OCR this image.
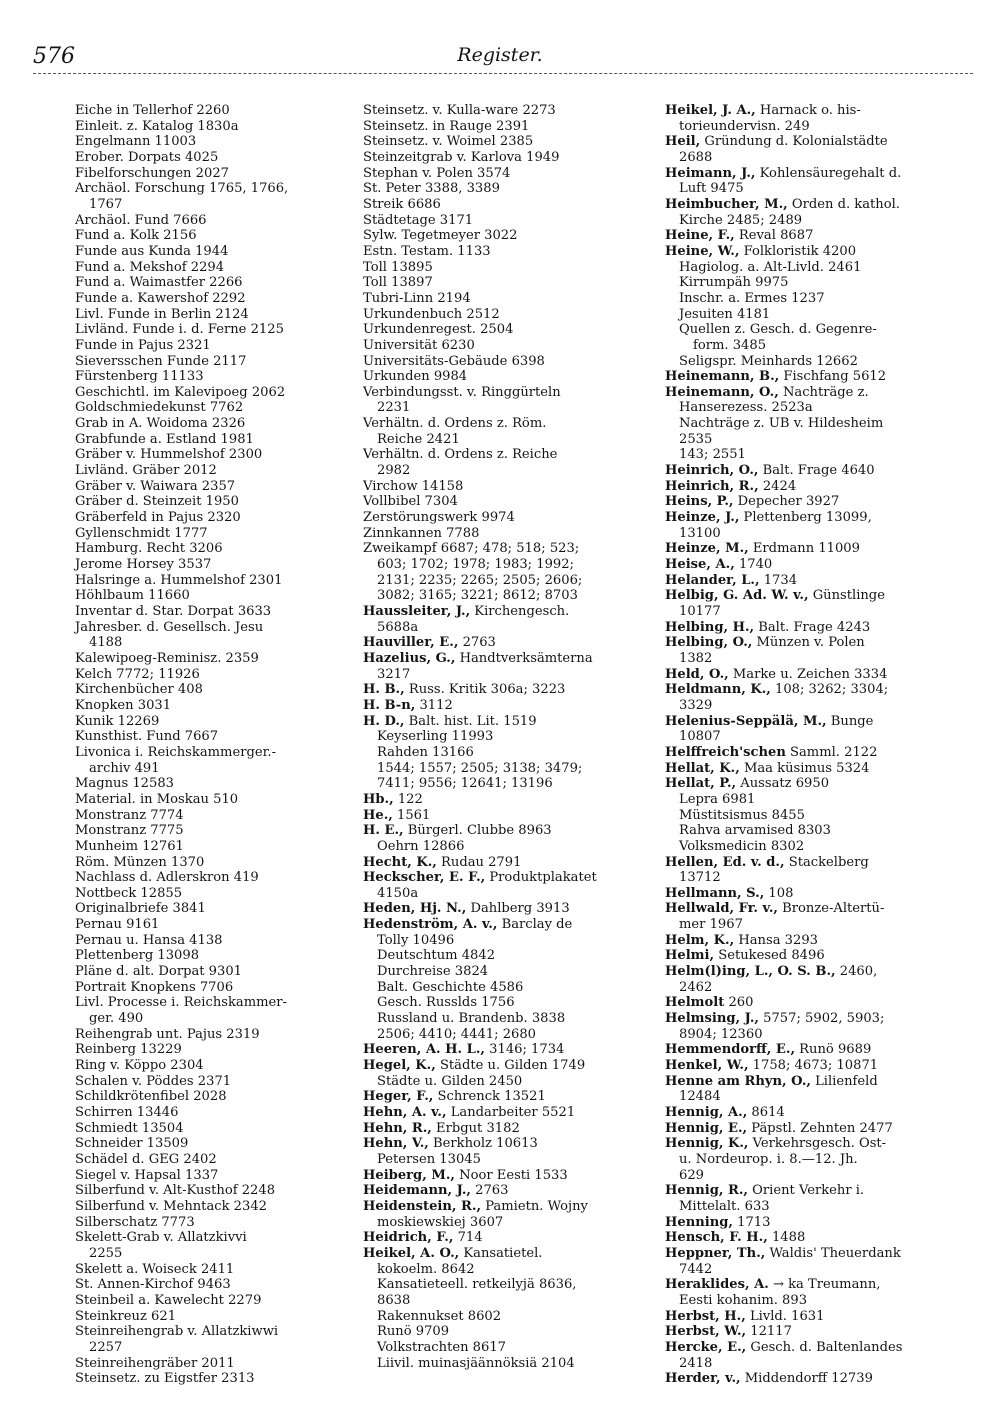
576	Register.
Eiche in Tellerhof 2260
Einleit. z. Katalog 1830a
Engelmann 11003
Erober. Dorpats 4025
Fibelforschungen 2027
Archäol. Forschung 1765, 1766,
1767
Archäol. Fund 7666
Fund a. Kolk 2156
Funde aus Kunda 1944
Fund a. Mekshof 2294
Fund a. Waimastfer 2266
Funde a. Kawershof 2292
Livl. Funde in Berlin 2124
Livländ. Funde i. d. Ferne 2125
Funde in Pajus 2321
Sieversschen Funde 2117
Fürstenberg 11133
Geschichtl. im Kalevipoeg 2062
Goldschmiedekunst 7762
Grab in A. Woidoma 2326
Grabfunde a. Estland 1981
Gräber v. Hummelshof 2300
Livländ. Gräber 2012
Gräber v. Waiwara 2357
Gräber d. Steinzeit 1950
Gräberfeld in Pajus 2320
Gyllenschmidt 1777
Hamburg. Recht 3206
Jerome Horsey 3537
Halsringe a. Hummelshof 2301
Höhlbaum 11660
Inventar d. Star. Dorpat 3633
Jahresber. d. Gesellsch. Jesu
4188
Kalewipoeg-Reminisz. 2359
Kelch 7772; 11926
Kirchenbücher 408
Knopken 3031
Kunik 12269
Kunsthist. Fund 7667
Livonica i. Reichskammerger.-
archiv 491
Magnus 12583
Material. in Moskau 510
Monstranz 7774
Monstranz 7775
Munheim 12761
Röm. Münzen 1370
Nachlass d. Adlerskron 419
Nottbeck 12855
Originalbriefe 3841
Pernau 9161
Pernau u. Hansa 4138
Plettenberg 13098
Pläne d. alt. Dorpat 9301
Portrait Knopkens 7706
Livl. Processe i. Reichskammer-
ger. 490
Reihengrab unt. Pajus 2319
Reinberg 13229
Ring v. Köppo 2304
Schalen v. Pöddes 2371
Schildkrötenfibel 2028
Schirren 13446
Schmiedt 13504
Schneider 13509
Schädel d. GEG 2402
Siegel v. Hapsal 1337
Silberfund v. Alt-Kusthof 2248
Silberfund v. Mehntack 2342
Silberschatz 7773
Skelett-Grab v. Allatzkivvi
2255
Skelett a. Woiseck 2411
St. Annen-Kirchof 9463
Steinbeil a. Kawelecht 2279
Steinkreuz 621
Steinreihengrab v. Allatzkiwwi
2257
Steinreihengräber 2011
Steinsetz. zu Eigstfer 2313
Steinsetz. v. Kulla-ware 2273
Steinsetz. in Rauge 2391
Steinsetz. v. Woimel 2385
Steinzeitgrab v. Karlova 1949
Stephan v. Polen 3574
St. Peter 3388, 3389
Streik 6686
Städtetage 3171
Sylw. Tegetmeyer 3022
Estn. Testam. 1133
Toll 13895
Toll 13897
Tubri-Linn 2194
Urkundenbuch 2512
Urkundenregest. 2504
Universität 6230
Universitäts-Gebäude 6398
Urkunden 9984
Verbindungsst. v. Ringgürteln
2231
Verhältn. d. Ordens z. Röm.
Reiche 2421
Verhältn. d. Ordens z. Reiche
2982
Virchow 14158
Vollbibel 7304
Zerstörungswerk 9974
Zinnkannen 7788
Zweikampf 6687; 478; 518; 523;
603; 1702; 1978; 1983; 1992;
2131; 2235; 2265; 2505; 2606;
3082; 3165; 3221; 8612; 8703
Haussleiter, J., Kirchengesch.
5688a
Hauviller, E., 2763
Hazelius, G., Handtverksämterna
3217
H. B., Russ. Kritik 306a; 3223
H. B-n, 3112
H. D., Balt. hist. Lit. 1519
Keyserling 11993
Rahden 13166
1544; 1557; 2505; 3138; 3479;
7411; 9556; 12641; 13196
Hb., 122
He., 1561
H. E., Bürgerl. Clubbe 8963
Oehrn 12866
Hecht, K., Rudau 2791
Heckscher, E. F., Produktplakatet
4150a
Heden, Hj. N., Dahlberg 3913
Hedenström, A. v., Barclay de
Tolly 10496
Deutschtum 4842
Durchreise 3824
Balt. Geschichte 4586
Gesch. Russlds 1756
Russland u. Brandenb. 3838
2506; 4410; 4441; 2680
Heeren, A. H. L., 3146; 1734
Hegel, K., Städte u. Gilden 1749
Städte u. Gilden 2450
Heger, F., Schrenck 13521
Hehn, A. v., Landarbeiter 5521
Hehn, R., Erbgut 3182
Hehn, V., Berkholz 10613
Petersen 13045
Heiberg, M., Noor Eesti 1533
Heidemann, J., 2763
Heidenstein, R., Pamietn. Wojny
moskiewskiej 3607
Heidrich, F., 714
Heikel, A. O., Kansatietel.
kokoelm. 8642
Kansatieteell. retkeilyjä 8636,
8638
Rakennukset 8602
Runö 9709
Volkstrachten 8617
Liivil. muinasjäännöksiä 2104
Heikel, J. A., Harnack o. his-
torieundervisn. 249
Heil, Gründung d. Kolonialstädte
2688
Heimann, J., Kohlensäuregehalt d.
Luft 9475
Heimbucher, M., Orden d. kathol.
Kirche 2485; 2489
Heine, F., Reval 8687
Heine, W., Folkloristik 4200
Hagiolog. a. Alt-Livld. 2461
Kirrumpäh 9975
Inschr. a. Ermes 1237
Jesuiten 4181
Quellen z. Gesch. d. Gegenre-
form. 3485
Seligspr. Meinhards 12662
Heinemann, B., Fischfang 5612
Heinemann, O., Nachträge z.
Hanserezess. 2523a
Nachträge z. UB v. Hildesheim
2535
143; 2551
Heinrich, O., Balt. Frage 4640
Heinrich, R., 2424
Heins, P., Depecher 3927
Heinze, J., Plettenberg 13099,
13100
Heinze, M., Erdmann 11009
Heise, A., 1740
Helander, L., 1734
Helbig, G. Ad. W. v., Günstlinge
10177
Helbing, H., Balt. Frage 4243
Helbing, O., Münzen v. Polen
1382
Held, O., Marke u. Zeichen 3334
Heldmann, K., 108; 3262; 3304;
3329
Helenius-Seppälä, M., Bunge
10807
Helffreich'schen Samml. 2122
Hellat, K., Maa küsimus 5324
Hellat, P., Aussatz 6950
Lepra 6981
Müstitsismus 8455
Rahva arvamised 8303
Volksmedicin 8302
Hellen, Ed. v. d., Stackelberg
13712
Hellmann, S., 108
Hellwald, Fr. v., Bronze-Altertü-
mer 1967
Helm, K., Hansa 3293
Helmi, Setukesed 8496
Helm(l)ing, L., O. S. B., 2460,
2462
Helmolt 260
Helmsing, J., 5757; 5902, 5903;
8904; 12360
Hemmendorff, E., Runö 9689
Henkel, W., 1758; 4673; 10871
Henne am Rhyn, O., Lilienfeld
12484
Hennig, A., 8614
Hennig, E., Päpstl. Zehnten 2477
Hennig, K., Verkehrsgesch. Ost-
u. Nordeurop. i. 8.—12. Jh.
629
Hennig, R., Orient Verkehr i.
Mittelalt. 633
Henning, 1713
Hensch, F. H., 1488
Heppner, Th., Waldis' Theuerdank
7442
Heraklides, A. → ka Treumann,
Eesti kohanim. 893
Herbst, H., Livld. 1631
Herbst, W., 12117
Hercke, E., Gesch. d. Baltenlandes
2418
Herder, v., Middendorff 12739
